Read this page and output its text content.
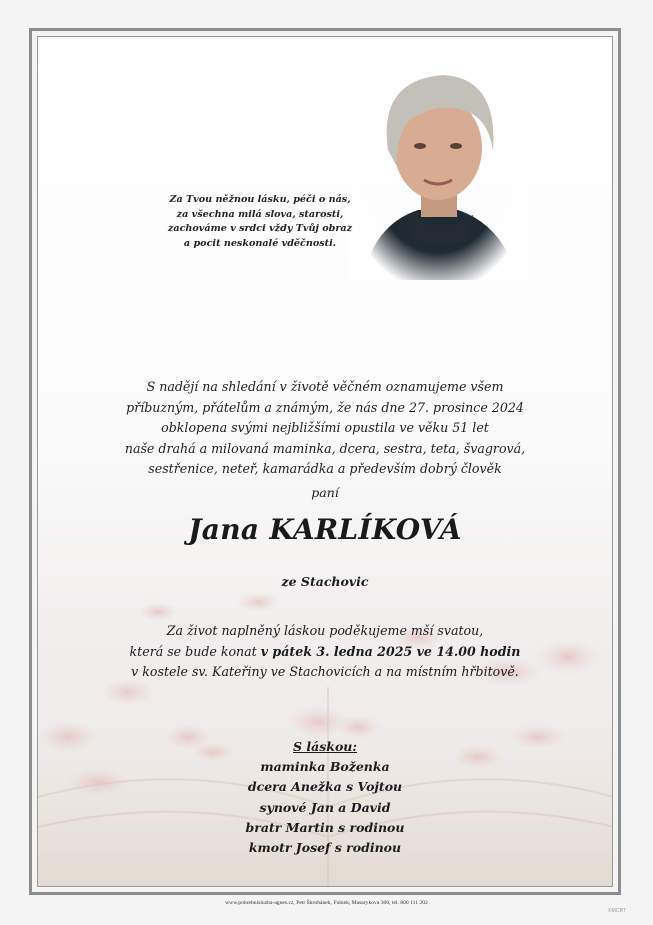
Za Tvou něžnou lásku, péči o nás,
za všechna milá slova, starosti,
zachováme v srdci vždy Tvůj obraz
a pocit neskonalé vděčnosti.
S nadějí na shledání v životě věčném oznamujeme všem
příbuzným, přátelům a známým, že nás dne 27. prosince 2024
obklopena svými nejbližšími opustila ve věku 51 let
naše drahá a milovaná maminka, dcera, sestra, teta, švagrová,
sestřenice, neteř, kamarádka a především dobrý člověk
paní
Jana KARLÍKOVÁ
ze Stachovic
Za život naplněný láskou poděkujeme mší svatou,
která se bude konat v pátek 3. ledna 2025 ve 14.00 hodin
v kostele sv. Kateřiny ve Stachovicích a na místním hřbitově.
S láskou:
maminka Boženka
dcera Anežka s Vojtou
synové Jan a David
bratr Martin s rodinou
kmotr Josef s rodinou
www.pohrebnisluzba-agnes.cz, Petr Škrobánek, Fulnek, Masarykova 300, tel. 800 111 202
©MCBT
